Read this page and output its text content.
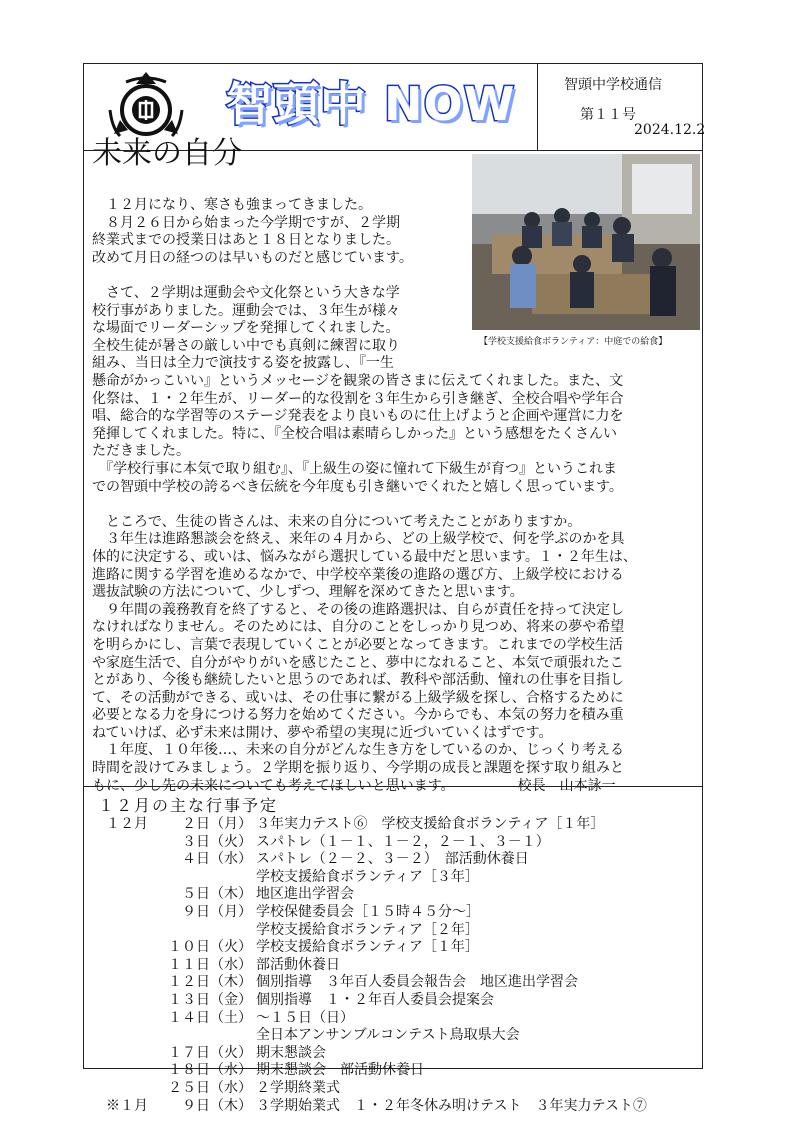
智頭中 NOW	智頭中学校通信
第１１号
2024.12.2
未来の自分
【学校支援給食ボランティア：中庭での給食】
　１２月になり、寒さも強まってきました。
　８月２６日から始まった今学期ですが、２学期
終業式までの授業日はあと１８日となりました。
改めて月日の経つのは早いものだと感じています。
　さて、２学期は運動会や文化祭という大きな学
校行事がありました。運動会では、３年生が様々
な場面でリーダーシップを発揮してくれました。
全校生徒が暑さの厳しい中でも真剣に練習に取り
組み、当日は全力で演技する姿を披露し、『一生
懸命がかっこいい』というメッセージを観衆の皆さまに伝えてくれました。また、文
化祭は、１・２年生が、リーダー的な役割を３年生から引き継ぎ、全校合唱や学年合
唱、総合的な学習等のステージ発表をより良いものに仕上げようと企画や運営に力を
発揮してくれました。特に、『全校合唱は素晴らしかった』という感想をたくさんい
ただきました。
　『学校行事に本気で取り組む』、『上級生の姿に憧れて下級生が育つ』というこれま
での智頭中学校の誇るべき伝統を今年度も引き継いでくれたと嬉しく思っています。
　ところで、生徒の皆さんは、未来の自分について考えたことがありますか。
　３年生は進路懇談会を終え、来年の４月から、どの上級学校で、何を学ぶのかを具
体的に決定する、或いは、悩みながら選択している最中だと思います。１・２年生は、
進路に関する学習を進めるなかで、中学校卒業後の進路の選び方、上級学校における
選抜試験の方法について、少しずつ、理解を深めてきたと思います。
　９年間の義務教育を終了すると、その後の進路選択は、自らが責任を持って決定し
なければなりません。そのためには、自分のことをしっかり見つめ、将来の夢や希望
を明らかにし、言葉で表現していくことが必要となってきます。これまでの学校生活
や家庭生活で、自分がやりがいを感じたこと、夢中になれること、本気で頑張れたこ
とがあり、今後も継続したいと思うのであれば、教科や部活動、憧れの仕事を目指し
て、その活動ができる、或いは、その仕事に繋がる上級学級を探し、合格するために
必要となる力を身につける努力を始めてください。今からでも、本気の努力を積み重
ねていけば、必ず未来は開け、夢や希望の実現に近づいていくはずです。
　１年度、１０年後…、未来の自分がどんな生き方をしているのか、じっくり考える
時間を設けてみましょう。２学期を振り返り、今学期の成長と課題を探す取り組みと
もに、少し先の未来についても考えてほしいと思います。　　　　　校長　山本詠一
１２月の主な行事予定
１２月	２日（月） ３年実力テスト⑥　学校支援給食ボランティア［１年］
３日（火） スパトレ（１－１、１－２，２－１、３－１）
４日（水） スパトレ（２－２、３－２）　部活動休養日
学校支援給食ボランティア［３年］
５日（木） 地区進出学習会
９日（月） 学校保健委員会［１５時４５分～］
学校支援給食ボランティア［２年］
１０日（火） 学校支援給食ボランティア［１年］
１１日（水） 部活動休養日
１２日（木） 個別指導　３年百人委員会報告会　地区進出学習会
１３日（金） 個別指導　１・２年百人委員会提案会
１４日（土） ～１５日（日）
全日本アンサンブルコンテスト鳥取県大会
１７日（火） 期末懇談会
１８日（水） 期末懇談会　部活動休養日
２５日（水） ２学期終業式
※１月	９日（木） ３学期始業式　１・２年冬休み明けテスト　３年実力テスト⑦
